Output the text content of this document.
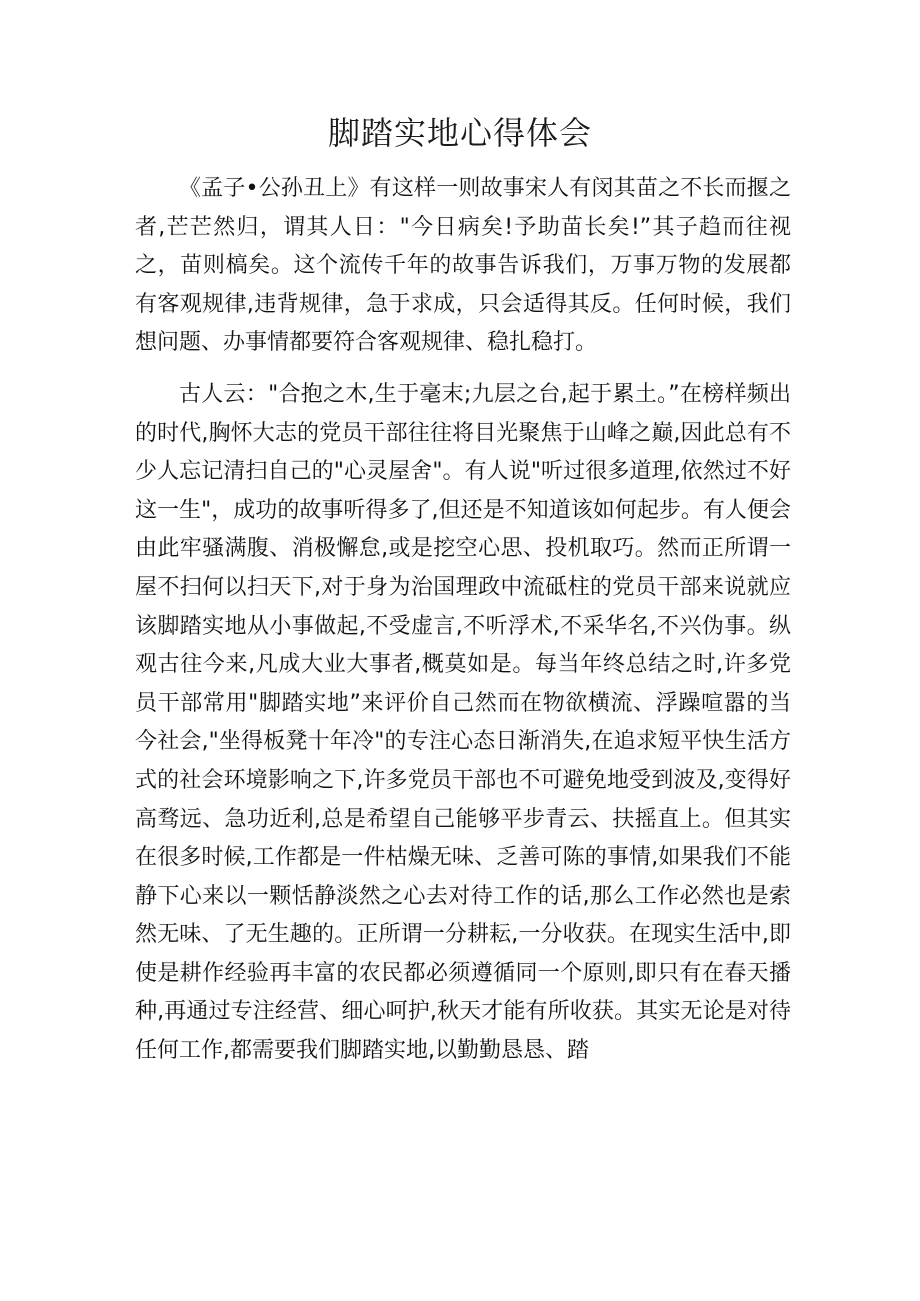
脚踏实地心得体会

《孟子•公孙丑上》有这样一则故事宋人有闵其苗之不长而揠之者,芒芒然归，谓其人日："今日病矣!予助苗长矣!”其子趋而往视之，苗则槁矣。这个流传千年的故事告诉我们，万事万物的发展都有客观规律,违背规律，急于求成，只会适得其反。任何时候，我们想问题、办事情都要符合客观规律、稳扎稳打。

古人云："合抱之木,生于毫末;九层之台,起于累土。”在榜样频出的时代,胸怀大志的党员干部往往将目光聚焦于山峰之巅,因此总有不少人忘记清扫自己的"心灵屋舍"。有人说"听过很多道理,依然过不好这一生"，成功的故事听得多了,但还是不知道该如何起步。有人便会由此牢骚满腹、消极懈怠,或是挖空心思、投机取巧。然而正所谓一屋不扫何以扫天下,对于身为治国理政中流砥柱的党员干部来说就应该脚踏实地从小事做起,不受虚言,不听浮术,不采华名,不兴伪事。纵观古往今来,凡成大业大事者,概莫如是。每当年终总结之时,许多党员干部常用"脚踏实地”来评价自己然而在物欲横流、浮躁喧嚣的当今社会,"坐得板凳十年冷"的专注心态日渐消失,在追求短平快生活方式的社会环境影响之下,许多党员干部也不可避免地受到波及,变得好高骛远、急功近利,总是希望自己能够平步青云、扶摇直上。但其实在很多时候,工作都是一件枯燥无味、乏善可陈的事情,如果我们不能静下心来以一颗恬静淡然之心去对待工作的话,那么工作必然也是索然无味、了无生趣的。正所谓一分耕耘,一分收获。在现实生活中,即使是耕作经验再丰富的农民都必须遵循同一个原则,即只有在春天播种,再通过专注经营、细心呵护,秋天才能有所收获。其实无论是对待任何工作,都需要我们脚踏实地,以勤勤恳恳、踏
